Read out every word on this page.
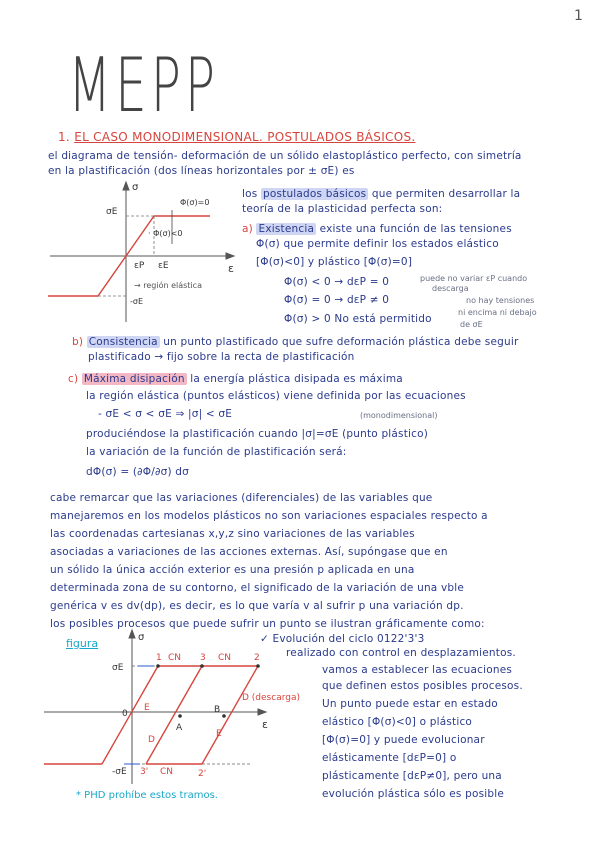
1
MEPP
1. EL CASO MONODIMENSIONAL. POSTULADOS BÁSICOS.
el diagrama de tensión- deformación de un sólido elastoplástico perfecto, con simetría
en la plastificación (dos líneas horizontales por ± σE) es
σ
σE
-σE
ε
εP εE
Φ(σ)=0
· Φ(σ)<0
→ región elástica
los postulados básicos que permiten desarrollar la
teoría de la plasticidad perfecta son:
a) Existencia existe una función de las tensiones
Φ(σ) que permite definir los estados elástico
[Φ(σ)<0] y plástico [Φ(σ)=0]
Φ(σ) < 0 → dεP = 0	puede no variar εP cuando
descarga
Φ(σ) = 0 → dεP ≠ 0	no hay tensiones
ni encima ni debajo
de σE
Φ(σ) > 0 No está permitido
b) Consistencia un punto plastificado que sufre deformación plástica debe seguir
plastificado → fijo sobre la recta de plastificación
c) Máxima disipación la energía plástica disipada es máxima
la región elástica (puntos elásticos) viene definida por las ecuaciones
- σE < σ < σE ⇒ |σ| < σE	(monodimensional)
produciéndose la plastificación cuando |σ|=σE (punto plástico)
la variación de la función de plastificación será:
dΦ(σ) = (∂Φ/∂σ) dσ
cabe remarcar que las variaciones (diferenciales) de las variables que
manejaremos en los modelos plásticos no son variaciones espaciales respecto a
las coordenadas cartesianas x,y,z sino variaciones de las variables
asociadas a variaciones de las acciones externas. Así, supóngase que en
un sólido la única acción exterior es una presión p aplicada en una
determinada zona de su contorno, el significado de la variación de una vble
genérica v es dv(dp), es decir, es lo que varía v al sufrir p una variación dp.
los posibles procesos que puede sufrir un punto se ilustran gráficamente como:
figura	✓ Evolución del ciclo 0122'3'3
realizado con control en desplazamientos.
vamos a establecer las ecuaciones
que definen estos posibles procesos.
Un punto puede estar en estado
elástico [Φ(σ)<0] o plástico
[Φ(σ)=0] y puede evolucionar
elásticamente [dεP=0] o
plásticamente [dεP≠0], pero una
evolución plástica sólo es posible
σ
σE
-σE
ε
0
1 CN 3 CN	2
3' CN	2'
A
B
D
E
E
D (descarga)
* PHD prohíbe estos tramos.
